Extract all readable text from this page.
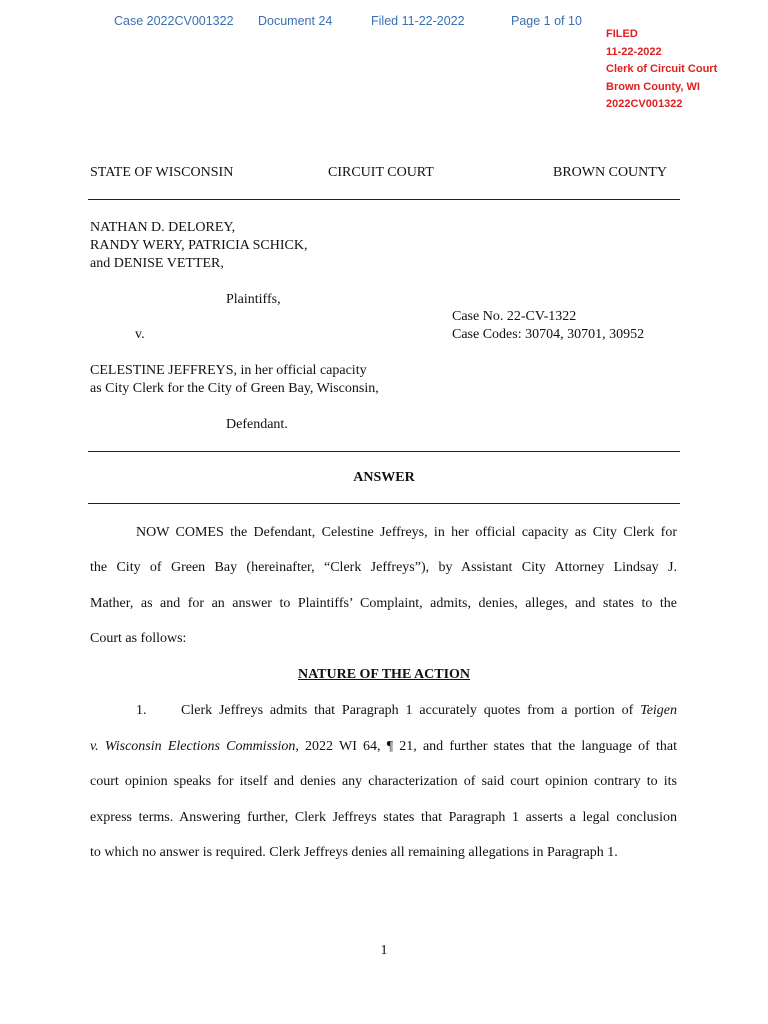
Case 2022CV001322 Document 24	Filed 11-22-2022	Page 1 of 10
FILED
11-22-2022
Clerk of Circuit Court
Brown County, WI
2022CV001322
STATE OF WISCONSIN	CIRCUIT COURT	BROWN COUNTY
NATHAN D. DELOREY,
RANDY WERY, PATRICIA SCHICK,
and DENISE VETTER,
Plaintiffs,
Case No. 22-CV-1322
v.	Case Codes: 30704, 30701, 30952
CELESTINE JEFFREYS, in her official capacity
as City Clerk for the City of Green Bay, Wisconsin,
Defendant.
ANSWER
NOW COMES the Defendant, Celestine Jeffreys, in her official capacity as City Clerk for
the City of Green Bay (hereinafter, “Clerk Jeffreys”), by Assistant City Attorney Lindsay J.
Mather, as and for an answer to Plaintiffs’ Complaint, admits, denies, alleges, and states to the
Court as follows:
NATURE OF THE ACTION
1. Clerk Jeffreys admits that Paragraph 1 accurately quotes from a portion of Teigen
v. Wisconsin Elections Commission, 2022 WI 64, ¶ 21, and further states that the language of that
court opinion speaks for itself and denies any characterization of said court opinion contrary to its
express terms. Answering further, Clerk Jeffreys states that Paragraph 1 asserts a legal conclusion
to which no answer is required. Clerk Jeffreys denies all remaining allegations in Paragraph 1.
1
